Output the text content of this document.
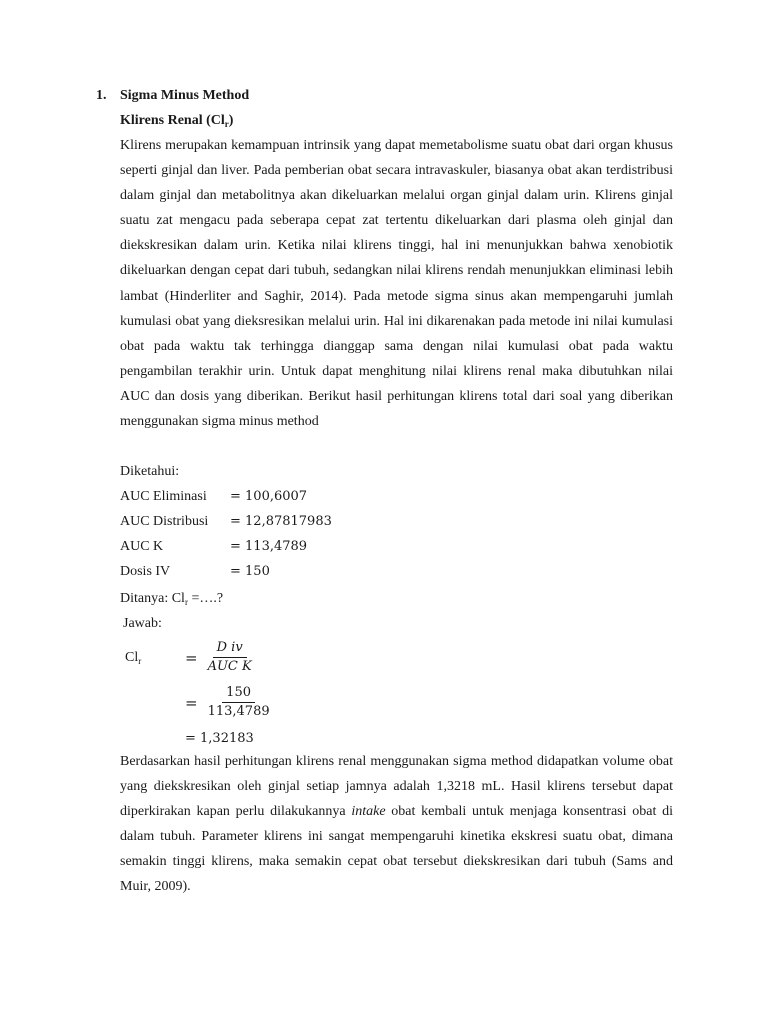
1. Sigma Minus Method
Klirens Renal $(Cl_r)$

Klirens merupakan kemampuan intrinsik yang dapat memetabolisme suatu obat dari organ khusus seperti ginjal dan liver. Pada pemberian obat secara intravaskuler, biasanya obat akan terdistribusi dalam ginjal dan metabolitnya akan dikeluarkan melalui organ ginjal dalam urin. Klirens ginjal suatu zat mengacu pada seberapa cepat zat tertentu dikeluarkan dari plasma oleh ginjal dan diekskresikan dalam urin. Ketika nilai klirens tinggi, hal ini menunjukkan bahwa xenobiotik dikeluarkan dengan cepat dari tubuh, sedangkan nilai klirens rendah menunjukkan eliminasi lebih lambat (Hinderliter and Saghir, 2014). Pada metode sigma sinus akan mempengaruhi jumlah kumulasi obat yang dieksresikan melalui urin. Hal ini dikarenakan pada metode ini nilai kumulasi obat pada waktu tak terhingga dianggap sama dengan nilai kumulasi obat pada waktu pengambilan terakhir urin. Untuk dapat menghitung nilai klirens renal maka dibutuhkan nilai AUC dan dosis yang diberikan. Berikut hasil perhitungan klirens total dari soal yang diberikan menggunakan sigma minus method

Diketahui:
AUC Eliminasi = 100,6007
AUC Distribusi = 12,87817983
AUC K	= 113,4789
Dosis IV	= 150
Ditanya: $Cl_r$ =….?
Jawab:
$Cl_r$	=
D iv
AUC K
= $\frac{150}{113,4789}$
= 1,32183

Berdasarkan hasil perhitungan klirens renal menggunakan sigma method didapatkan volume obat yang diekskresikan oleh ginjal setiap jamnya adalah 1,3218 mL. Hasil klirens tersebut dapat diperkirakan kapan perlu dilakukannya intake obat kembali untuk menjaga konsentrasi obat di dalam tubuh. Parameter klirens ini sangat mempengaruhi kinetika ekskresi suatu obat, dimana semakin tinggi klirens, maka semakin cepat obat tersebut diekskresikan dari tubuh (Sams and Muir, 2009).
